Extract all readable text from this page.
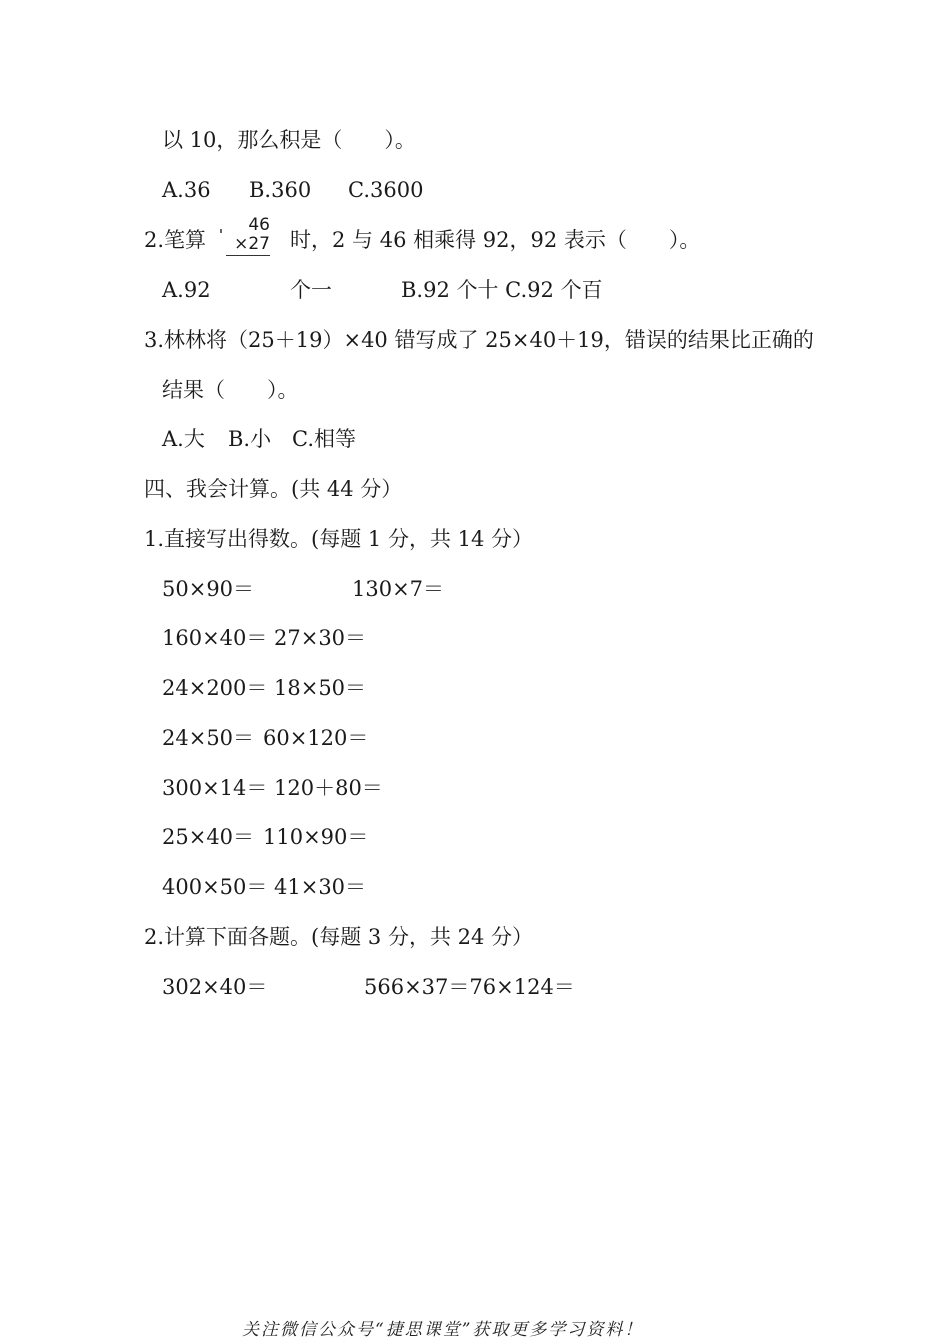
以 10，那么积是（　　）。
A.36 B.360 C.3600
2.笔算
46
×27 时，2 与 46 相乘得 92，92 表示（　　）。
A.92	个一	B.92 个十 C.92 个百
3.林林将（25＋19）×40 错写成了 25×40＋19，错误的结果比正确的
结果（　　）。
A.大 B.小 C.相等
四、我会计算。(共 44 分）
1.直接写出得数。(每题 1 分，共 14 分）
50×90＝	130×7＝
160×40＝ 27×30＝
24×200＝ 18×50＝
24×50＝ 60×120＝
300×14＝ 120＋80＝
25×40＝ 110×90＝
400×50＝ 41×30＝
2.计算下面各题。(每题 3 分，共 24 分）
302×40＝	566×37＝76×124＝
关注微信公众号“捷思课堂”获取更多学习资料！
